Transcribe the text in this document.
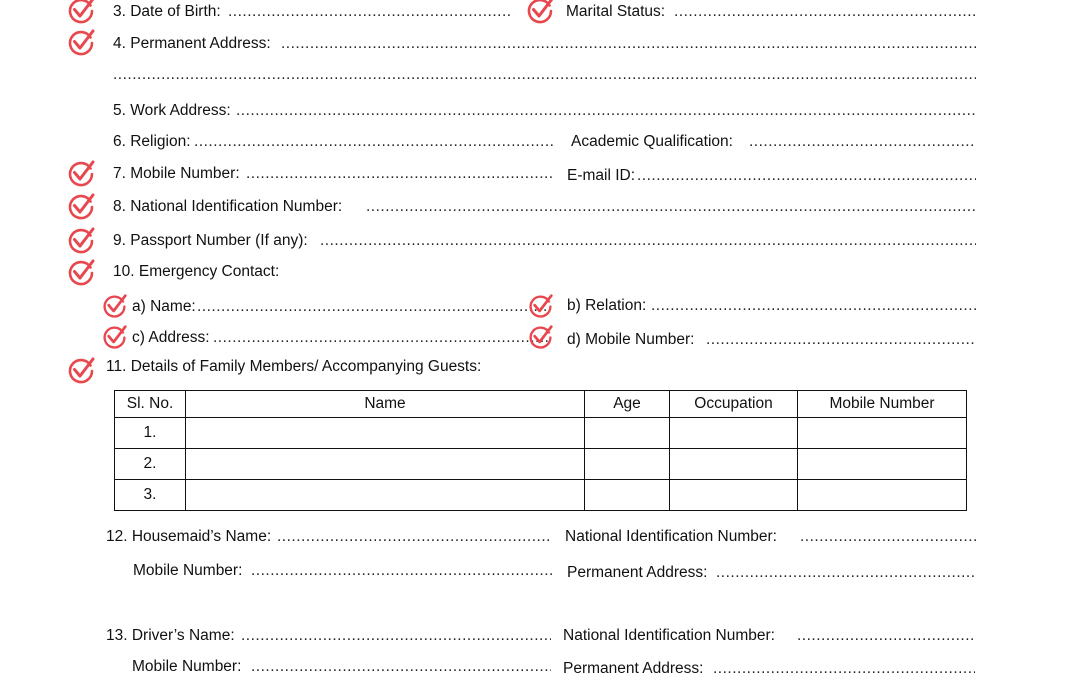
3. Date of Birth: .....	Marital Status:
.....
4. Permanent Address:
.....
.....
5. Work Address:
.....
6. Religion: .....	Academic Qualification:
.....
7. Mobile Number: .....	E-mail ID:
.....
8. National Identification Number:
.....
9. Passport Number (If any):
.....
10. Emergency Contact:
a) Name: .....	b) Relation:
.....
c) Address: .....	d) Mobile Number:
.....
11. Details of Family Members/ Accompanying Guests:
Sl. No.	Name	Age	Occupation	Mobile Number
1.				
2.				
3.				
12. Housemaid’s Name: .....	National Identification Number:
.....
Mobile Number: .....	Permanent Address:
.....
13. Driver’s Name: .....	National Identification Number:
.....
Mobile Number: .....	Permanent Address:
.....
